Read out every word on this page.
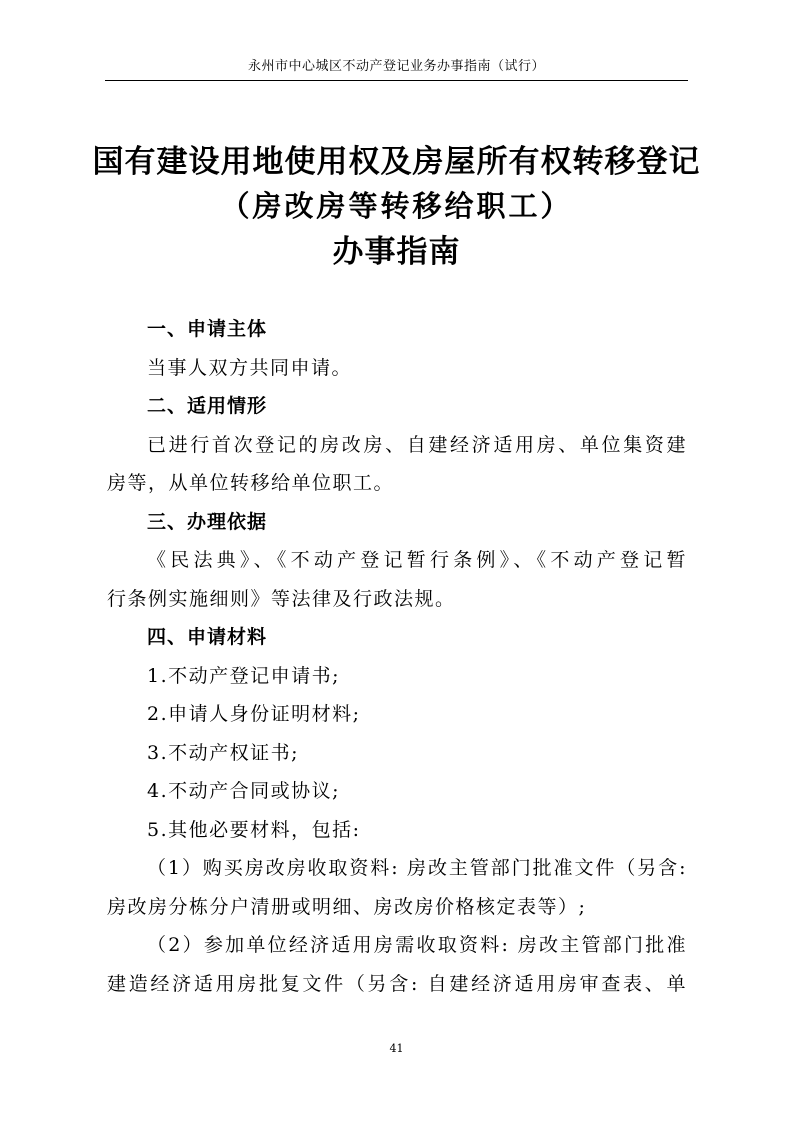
永州市中心城区不动产登记业务办事指南（试行）

国有建设用地使用权及房屋所有权转移登记

（房改房等转移给职工）

办事指南

一、申请主体
当事人双方共同申请。
二、适用情形
已进行首次登记的房改房、自建经济适用房、单位集资建
房等，从单位转移给单位职工。
三、办理依据
《民法典》、《不动产登记暂行条例》、《不动产登记暂
行条例实施细则》等法律及行政法规。
四、申请材料
1.不动产登记申请书;
2.申请人身份证明材料;
3.不动产权证书;
4.不动产合同或协议;
5.其他必要材料，包括:
（1）购买房改房收取资料: 房改主管部门批准文件（另含:
房改房分栋分户清册或明细、房改房价格核定表等）;
（2）参加单位经济适用房需收取资料: 房改主管部门批准
建造经济适用房批复文件（另含: 自建经济适用房审查表、单
41
